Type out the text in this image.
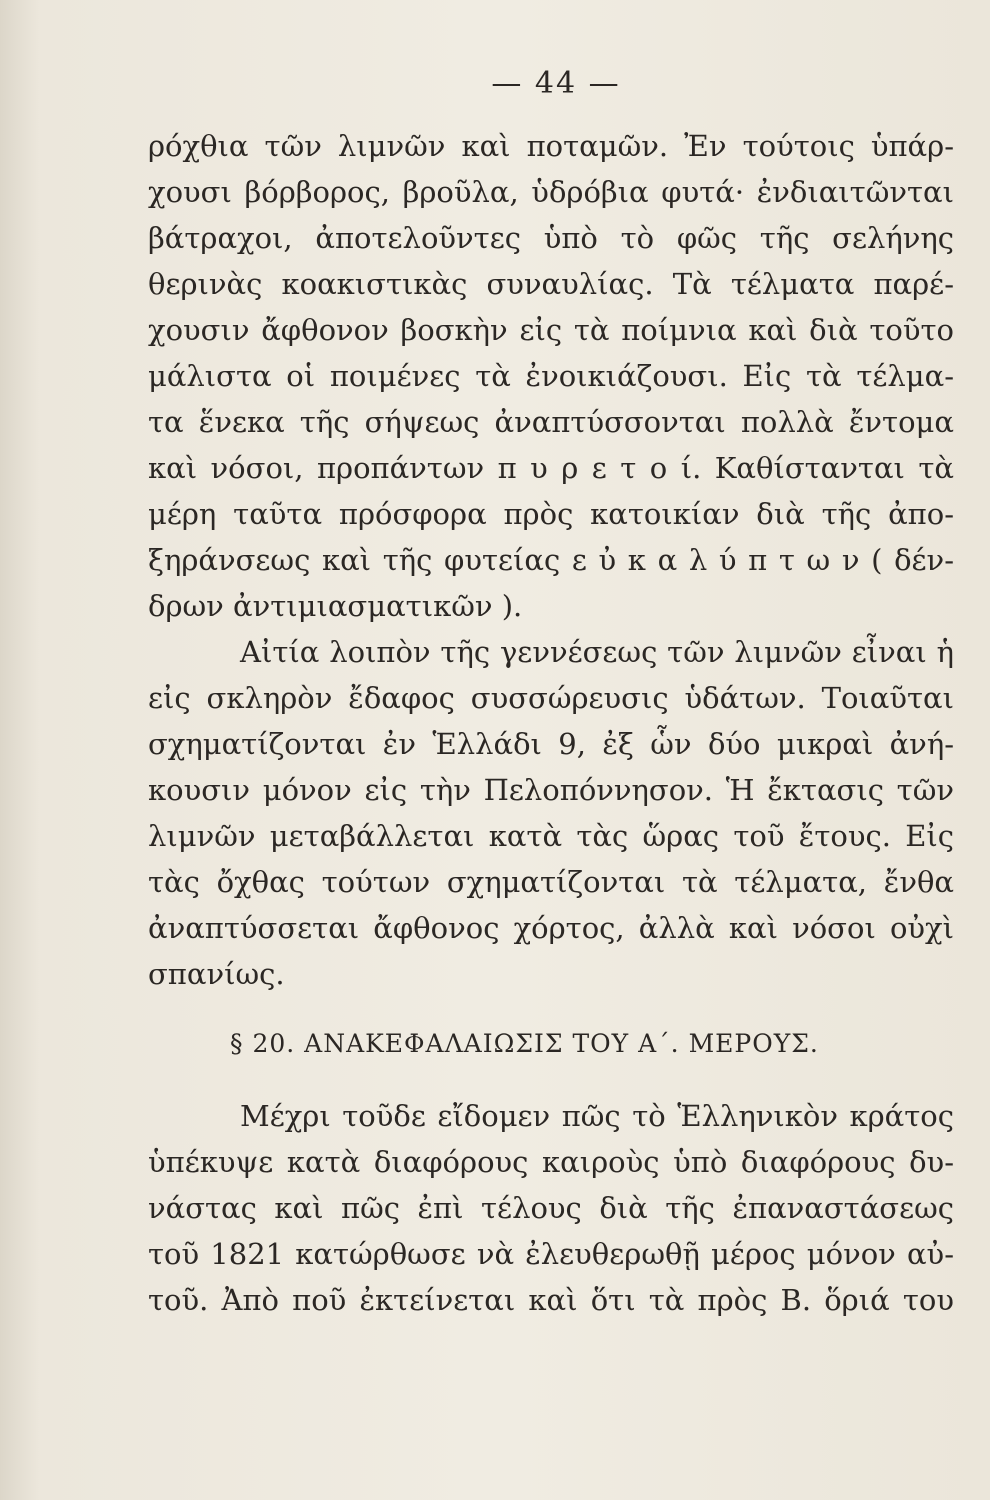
— 44 —
ρόχθια τῶν λιμνῶν καὶ ποταμῶν. Ἐν τούτοις ὑπάρ-
χουσι βόρβορος, βροῦλα, ὑδρόβια φυτά· ἐνδιαιτῶνται
βάτραχοι, ἀποτελοῦντες ὑπὸ τὸ φῶς τῆς σελήνης
θερινὰς κοακιστικὰς συναυλίας. Τὰ τέλματα παρέ-
χουσιν ἄφθονον βοσκὴν εἰς τὰ ποίμνια καὶ διὰ τοῦτο
μάλιστα οἱ ποιμένες τὰ ἐνοικιάζουσι. Εἰς τὰ τέλμα-
τα ἕνεκα τῆς σήψεως ἀναπτύσσονται πολλὰ ἔντομα
καὶ νόσοι, προπάντων π υ ρ ε τ ο ί. Καθίστανται τὰ
μέρη ταῦτα πρόσφορα πρὸς κατοικίαν διὰ τῆς ἀπο-
ξηράνσεως καὶ τῆς φυτείας ε ὐ κ α λ ύ π τ ω ν ( δέν-
δρων ἀντιμιασματικῶν ).
Αἰτία λοιπὸν τῆς γεννέσεως τῶν λιμνῶν εἶναι ἡ
εἰς σκληρὸν ἔδαφος συσσώρευσις ὑδάτων. Τοιαῦται
σχηματίζονται ἐν Ἑλλάδι 9, ἐξ ὧν δύο μικραὶ ἀνή-
κουσιν μόνον εἰς τὴν Πελοπόννησον. Ἡ ἔκτασις τῶν
λιμνῶν μεταβάλλεται κατὰ τὰς ὥρας τοῦ ἔτους. Εἰς
τὰς ὄχθας τούτων σχηματίζονται τὰ τέλματα, ἔνθα
ἀναπτύσσεται ἄφθονος χόρτος, ἀλλὰ καὶ νόσοι οὐχὶ
σπανίως.
§ 20. ΑΝΑΚΕΦΑΛΑΙΩΣΙΣ ΤΟΥ Α΄. ΜΕΡΟΥΣ.
Μέχρι τοῦδε εἴδομεν πῶς τὸ Ἑλληνικὸν κράτος
ὑπέκυψε κατὰ διαφόρους καιροὺς ὑπὸ διαφόρους δυ-
νάστας καὶ πῶς ἐπὶ τέλους διὰ τῆς ἐπαναστάσεως
τοῦ 1821 κατώρθωσε νὰ ἐλευθερωθῇ μέρος μόνον αὐ-
τοῦ. Ἀπὸ ποῦ ἐκτείνεται καὶ ὅτι τὰ πρὸς Β. ὅριά του
